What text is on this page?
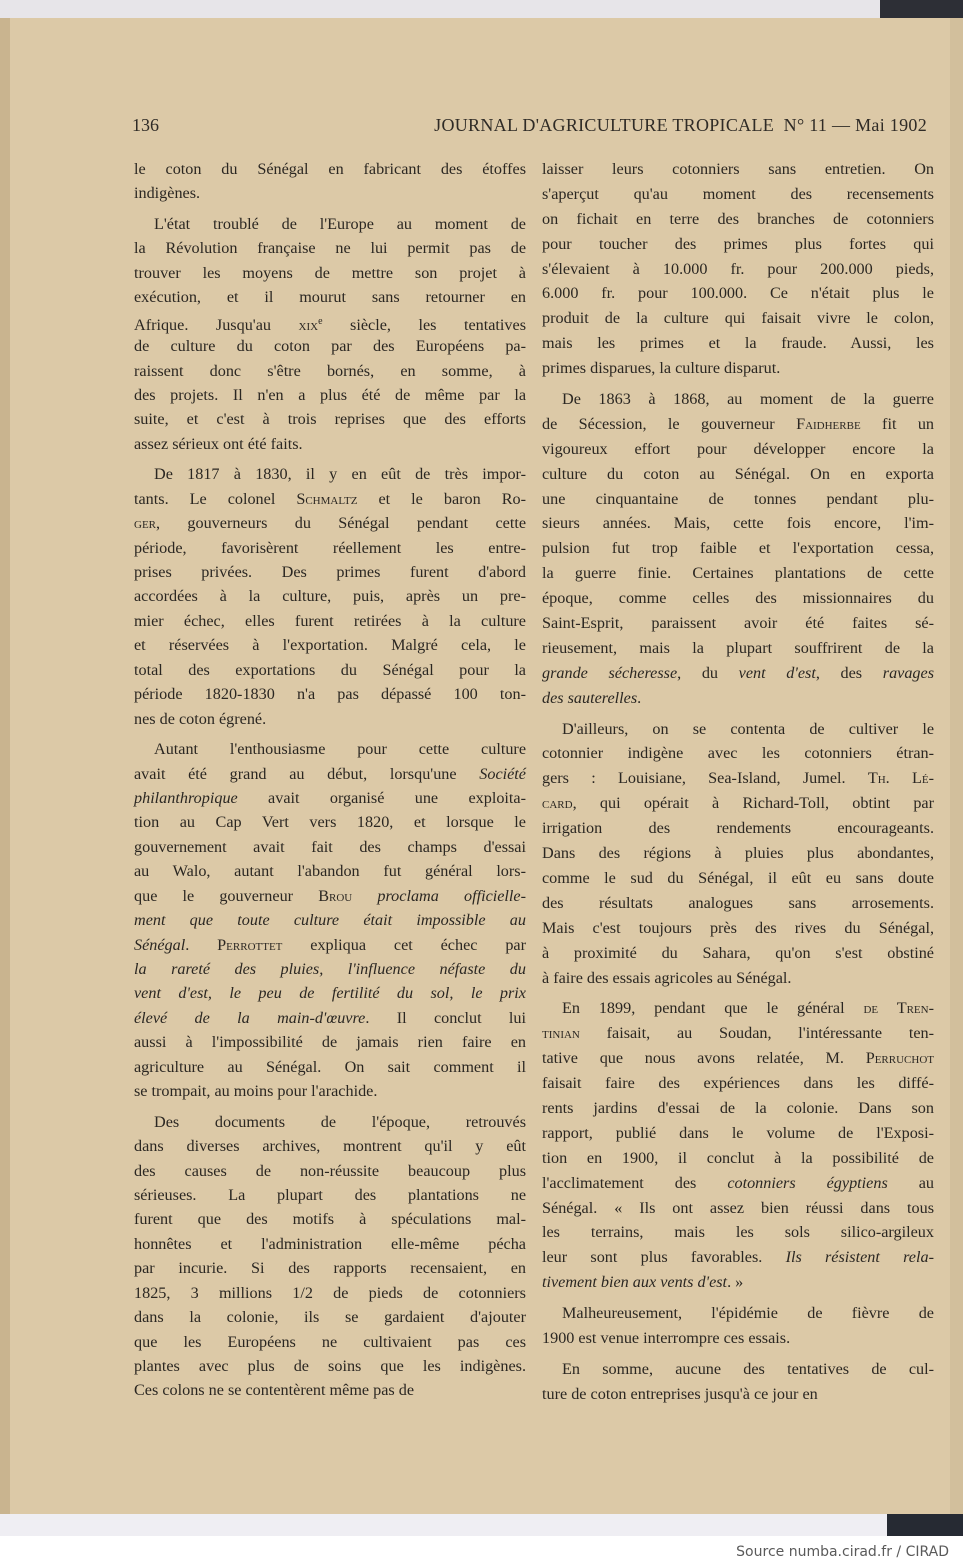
Source numba.cirad.fr / CIRAD
136	JOURNAL D'AGRICULTURE TROPICALE N° 11 — Mai 1902
le coton du Sénégal en fabricant des étoffes
indigènes.
L'état troublé de l'Europe au moment de
la Révolution française ne lui permit pas de
trouver les moyens de mettre son projet à
exécution, et il mourut sans retourner en
Afrique. Jusqu'au xix$^e$ siècle, les tentatives
de culture du coton par des Européens pa-
raissent donc s'être bornés, en somme, à
des projets. Il n'en a plus été de même par la
suite, et c'est à trois reprises que des efforts
assez sérieux ont été faits.
De 1817 à 1830, il y en eût de très impor-
tants. Le colonel Schmaltz et le baron Ro-
ger, gouverneurs du Sénégal pendant cette
période, favorisèrent réellement les entre-
prises privées. Des primes furent d'abord
accordées à la culture, puis, après un pre-
mier échec, elles furent retirées à la culture
et réservées à l'exportation. Malgré cela, le
total des exportations du Sénégal pour la
période 1820-1830 n'a pas dépassé 100 ton-
nes de coton égrené.
Autant l'enthousiasme pour cette culture
avait été grand au début, lorsqu'une Société
philanthropique avait organisé une exploita-
tion au Cap Vert vers 1820, et lorsque le
gouvernement avait fait des champs d'essai
au Walo, autant l'abandon fut général lors-
que le gouverneur Brou proclama officielle-
ment que toute culture était impossible au
Sénégal. Perrottet expliqua cet échec par
la rareté des pluies, l'influence néfaste du
vent d'est, le peu de fertilité du sol, le prix
élevé de la main-d'œuvre. Il conclut lui
aussi à l'impossibilité de jamais rien faire en
agriculture au Sénégal. On sait comment il
se trompait, au moins pour l'arachide.
Des documents de l'époque, retrouvés
dans diverses archives, montrent qu'il y eût
des causes de non-réussite beaucoup plus
sérieuses. La plupart des plantations ne
furent que des motifs à spéculations mal-
honnêtes et l'administration elle-même pécha
par incurie. Si des rapports recensaient, en
1825, 3 millions 1/2 de pieds de cotonniers
dans la colonie, ils se gardaient d'ajouter
que les Européens ne cultivaient pas ces
plantes avec plus de soins que les indigènes.
Ces colons ne se contentèrent même pas de
laisser leurs cotonniers sans entretien. On
s'aperçut qu'au moment des recensements
on fichait en terre des branches de cotonniers
pour toucher des primes plus fortes qui
s'élevaient à 10.000 fr. pour 200.000 pieds,
6.000 fr. pour 100.000. Ce n'était plus le
produit de la culture qui faisait vivre le colon,
mais les primes et la fraude. Aussi, les
primes disparues, la culture disparut.
De 1863 à 1868, au moment de la guerre
de Sécession, le gouverneur Faidherbe fit un
vigoureux effort pour développer encore la
culture du coton au Sénégal. On en exporta
une cinquantaine de tonnes pendant plu-
sieurs années. Mais, cette fois encore, l'im-
pulsion fut trop faible et l'exportation cessa,
la guerre finie. Certaines plantations de cette
époque, comme celles des missionnaires du
Saint-Esprit, paraissent avoir été faites sé-
rieusement, mais la plupart souffrirent de la
grande sécheresse, du vent d'est, des ravages
des sauterelles.
D'ailleurs, on se contenta de cultiver le
cotonnier indigène avec les cotonniers étran-
gers : Louisiane, Sea-Island, Jumel. Th. Lé-
card, qui opérait à Richard-Toll, obtint par
irrigation des rendements encourageants.
Dans des régions à pluies plus abondantes,
comme le sud du Sénégal, il eût eu sans doute
des résultats analogues sans arrosements.
Mais c'est toujours près des rives du Sénégal,
à proximité du Sahara, qu'on s'est obstiné
à faire des essais agricoles au Sénégal.
En 1899, pendant que le général de Tren-
tinian faisait, au Soudan, l'intéressante ten-
tative que nous avons relatée, M. Perruchot
faisait faire des expériences dans les diffé-
rents jardins d'essai de la colonie. Dans son
rapport, publié dans le volume de l'Exposi-
tion en 1900, il conclut à la possibilité de
l'acclimatement des cotonniers égyptiens au
Sénégal. « Ils ont assez bien réussi dans tous
les terrains, mais les sols silico-argileux
leur sont plus favorables. Ils résistent rela-
tivement bien aux vents d'est. »
Malheureusement, l'épidémie de fièvre de
1900 est venue interrompre ces essais.
En somme, aucune des tentatives de cul-
ture de coton entreprises jusqu'à ce jour en
